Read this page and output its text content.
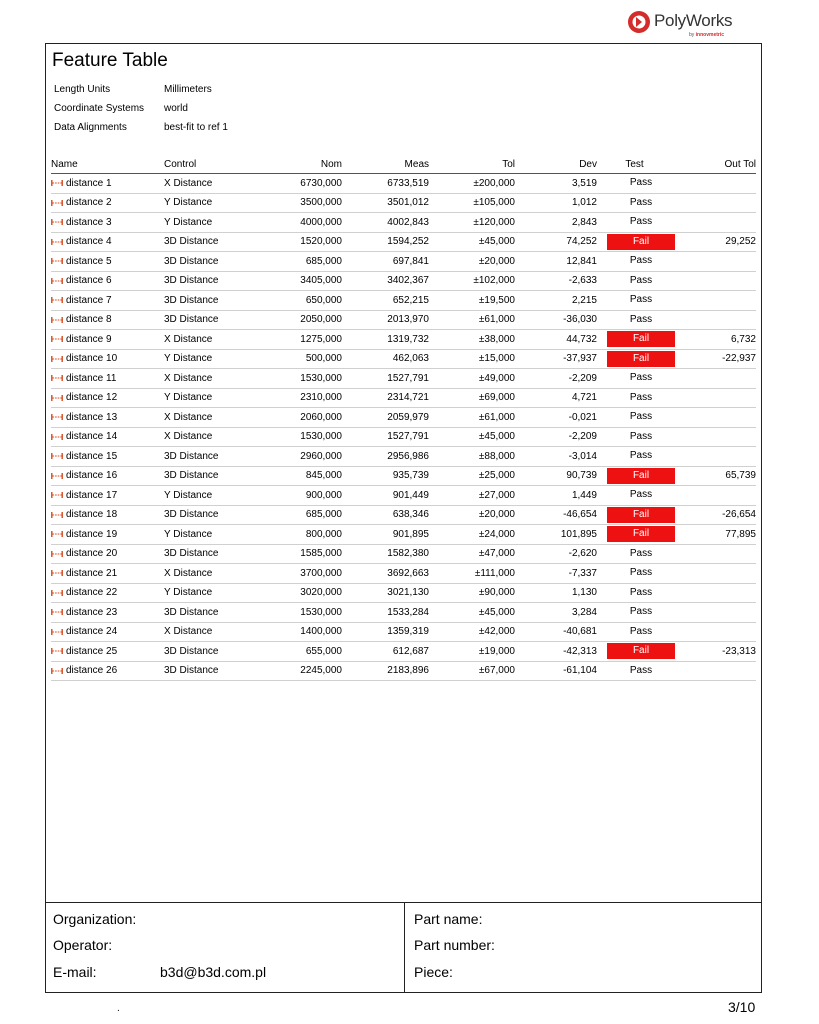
PolyWorks
by innovmetric
Feature Table
Length Units	Millimeters
Coordinate Systems world
Data Alignments	best-fit to ref 1
Name	Control	Nom	Meas	Tol	Dev	Test	Out Tol
distance 1	X Distance	6730,000	6733,519	±200,000	3,519	Pass	

distance 2	Y Distance	3500,000	3501,012	±105,000	1,012	Pass	

distance 3	Y Distance	4000,000	4002,843	±120,000	2,843	Pass	

distance 4	3D Distance	1520,000	1594,252	±45,000	74,252	Fail	29,252
distance 5	3D Distance	685,000	697,841	±20,000	12,841	Pass	

distance 6	3D Distance	3405,000	3402,367	±102,000	-2,633	Pass	

distance 7	3D Distance	650,000	652,215	±19,500	2,215	Pass	

distance 8	3D Distance	2050,000	2013,970	±61,000	-36,030	Pass	

distance 9	X Distance	1275,000	1319,732	±38,000	44,732	Fail	6,732
distance 10	Y Distance	500,000	462,063	±15,000	-37,937	Fail	-22,937
distance 11	X Distance	1530,000	1527,791	±49,000	-2,209	Pass	

distance 12	Y Distance	2310,000	2314,721	±69,000	4,721	Pass	

distance 13	X Distance	2060,000	2059,979	±61,000	-0,021	Pass	

distance 14	X Distance	1530,000	1527,791	±45,000	-2,209	Pass	

distance 15	3D Distance	2960,000	2956,986	±88,000	-3,014	Pass	

distance 16	3D Distance	845,000	935,739	±25,000	90,739	Fail	65,739
distance 17	Y Distance	900,000	901,449	±27,000	1,449	Pass	

distance 18	3D Distance	685,000	638,346	±20,000	-46,654	Fail	-26,654
distance 19	Y Distance	800,000	901,895	±24,000	101,895	Fail	77,895
distance 20	3D Distance	1585,000	1582,380	±47,000	-2,620	Pass	

distance 21	X Distance	3700,000	3692,663	±111,000	-7,337	Pass	

distance 22	Y Distance	3020,000	3021,130	±90,000	1,130	Pass	

distance 23	3D Distance	1530,000	1533,284	±45,000	3,284	Pass	

distance 24	X Distance	1400,000	1359,319	±42,000	-40,681	Pass	

distance 25	3D Distance	655,000	612,687	±19,000	-42,313	Fail	-23,313
distance 26	3D Distance	2245,000	2183,896	±67,000	-61,104	Pass	

Organization:
Operator:
E-mail:	b3d@b3d.com.pl
Part name:
Part number:
Piece:
.	3/10
